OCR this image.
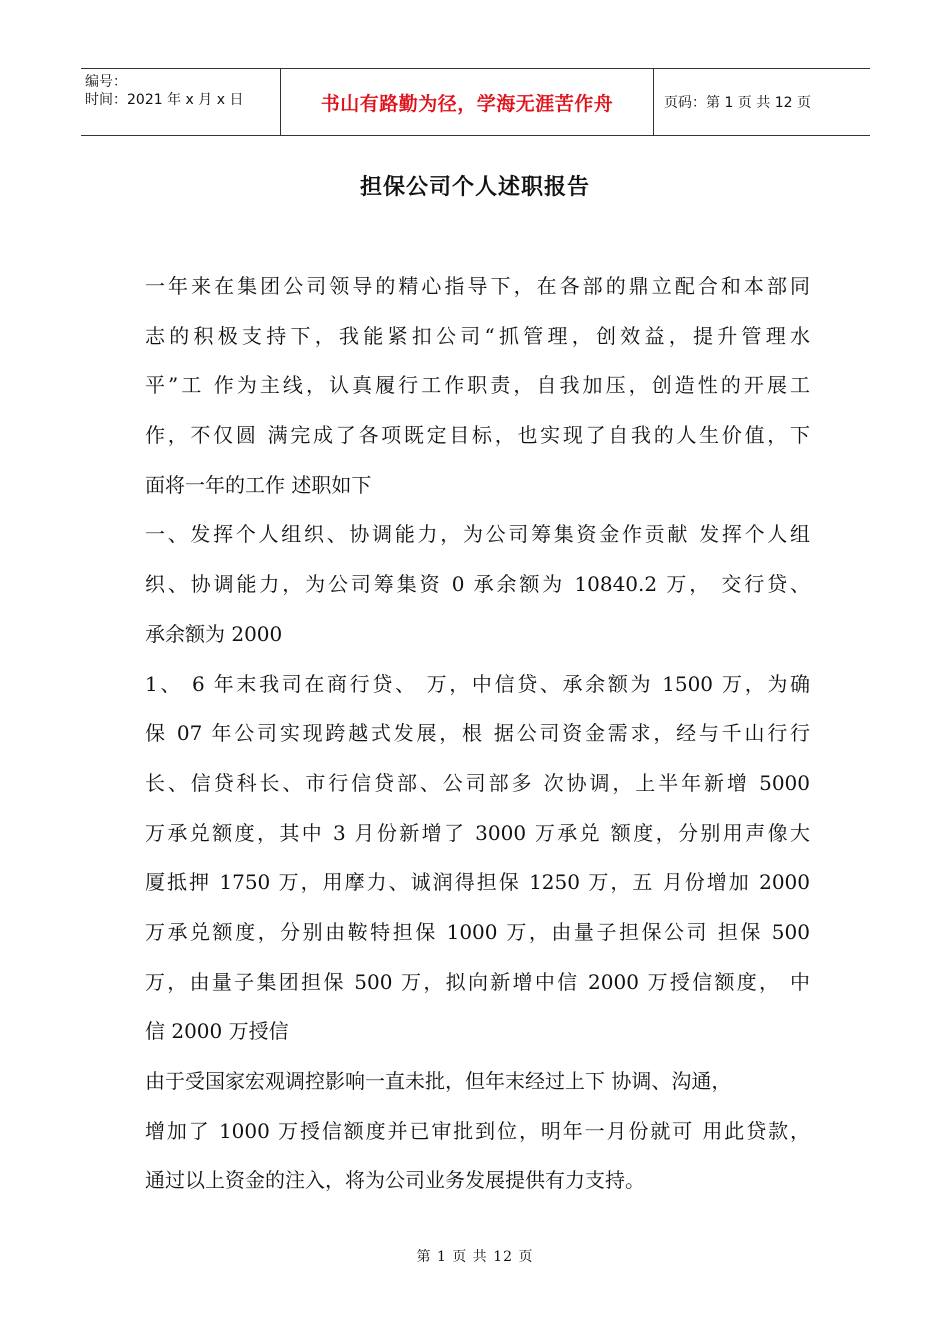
编号：
时间：2021 年 x 月 x 日	书山有路勤为径，学海无涯苦作舟	页码：第 1 页 共 12 页
担保公司个人述职报告
一年来在集团公司领导的精心指导下，在各部的鼎立配合和本部同
志的积极支持下，我能紧扣公司“抓管理，创效益，提升管理水
平”工 作为主线，认真履行工作职责，自我加压，创造性的开展工
作，不仅圆 满完成了各项既定目标，也实现了自我的人生价值，下
面将一年的工作 述职如下
一、发挥个人组织、协调能力，为公司筹集资金作贡献 发挥个人组
织、协调能力，为公司筹集资 0 承余额为 10840.2 万， 交行贷、
承余额为 2000
1、 6 年末我司在商行贷、 万，中信贷、承余额为 1500 万，为确
保 07 年公司实现跨越式发展，根 据公司资金需求，经与千山行行
长、信贷科长、市行信贷部、公司部多 次协调，上半年新增 5000
万承兑额度，其中 3 月份新增了 3000 万承兑 额度，分别用声像大
厦抵押 1750 万，用摩力、诚润得担保 1250 万，五 月份增加 2000
万承兑额度，分别由鞍特担保 1000 万，由量子担保公司 担保 500
万，由量子集团担保 500 万，拟向新增中信 2000 万授信额度， 中
信 2000 万授信
由于受国家宏观调控影响一直未批，但年末经过上下 协调、沟通，
增加了 1000 万授信额度并已审批到位，明年一月份就可 用此贷款，
通过以上资金的注入，将为公司业务发展提供有力支持。
第 1 页 共 12 页
